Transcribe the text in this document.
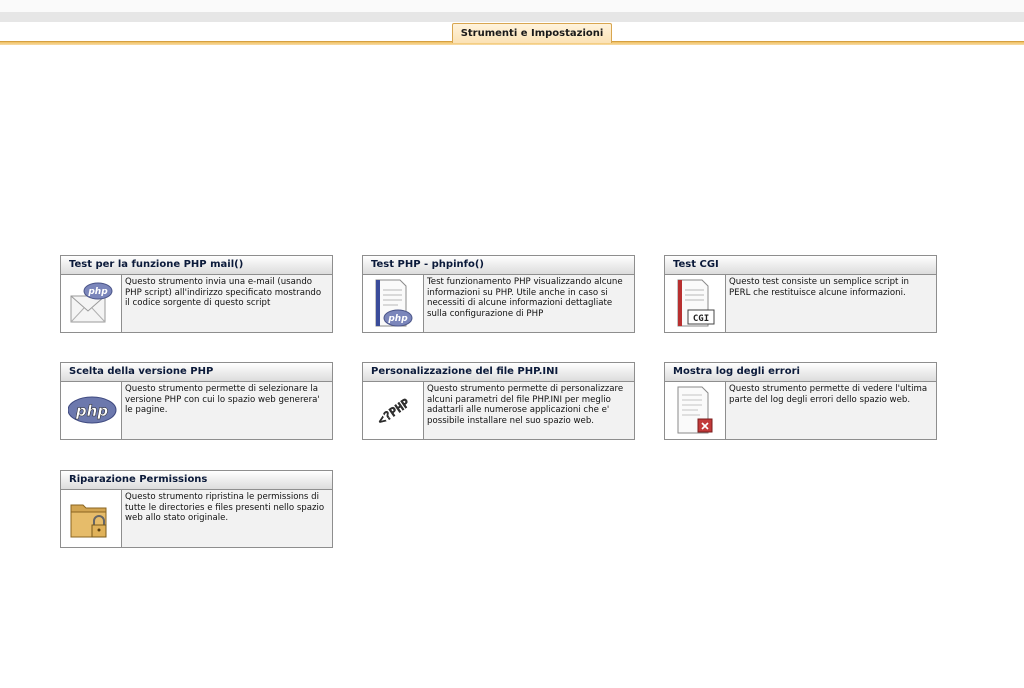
Strumenti e Impostazioni
Test per la funzione PHP mail()
php
Questo strumento invia una e-mail (usando PHP script) all'indirizzo specificato mostrando il codice sorgente di questo script
Test PHP - phpinfo()
php
Test funzionamento PHP visualizzando alcune informazioni su PHP. Utile anche in caso si necessiti di alcune informazioni dettagliate sulla configurazione di PHP
Test CGI
CGI
Questo test consiste un semplice script in PERL che restituisce alcune informazioni.
Scelta della versione PHP
php
Questo strumento permette di selezionare la versione PHP con cui lo spazio web generera' le pagine.
Personalizzazione del file PHP.INI
<?PHP
Questo strumento permette di personalizzare alcuni parametri del file PHP.INI per meglio adattarli alle numerose applicazioni che e' possibile installare nel suo spazio web.
Mostra log degli errori
Questo strumento permette di vedere l'ultima parte del log degli errori dello spazio web.
Riparazione Permissions
Questo strumento ripristina le permissions di tutte le directories e files presenti nello spazio web allo stato originale.
